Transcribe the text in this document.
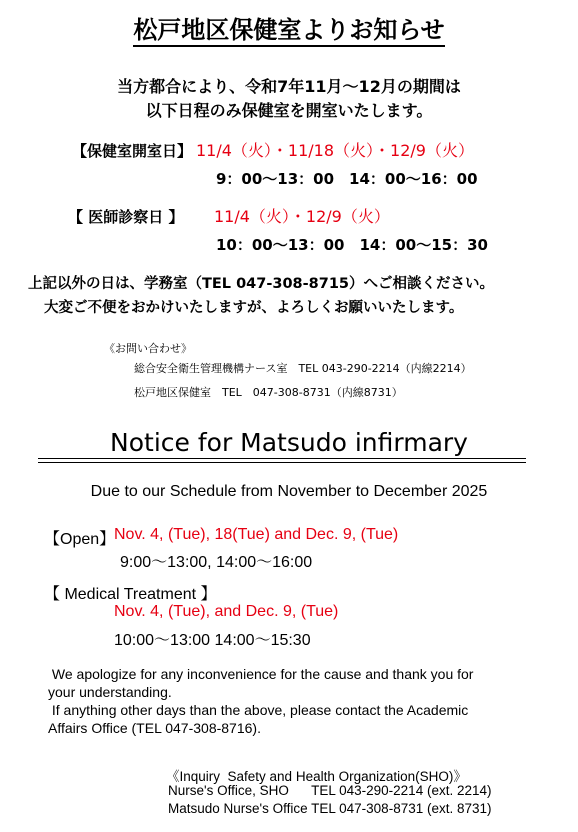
松戸地区保健室よりお知らせ
当方都合により、令和7年11月～12月の期間は
以下日程のみ保健室を開室いたします。
【保健室開室日】 11/4（火）・11/18（火）・12/9（火）
9：00～13：00　14：00～16：00
【 医師診察日 】 11/4（火）・12/9（火）
10：00～13：00　14：00～15：30
上記以外の日は、学務室（TEL 047-308-8715）へご相談ください。
大変ご不便をおかけいたしますが、よろしくお願いいたします。
《お問い合わせ》
総合安全衛生管理機構ナース室　TEL 043-290-2214（内線2214）
松戸地区保健室　TEL　047-308-8731（内線8731）
Notice for Matsudo infirmary
Due to our Schedule from November to December 2025
【Open】
Nov. 4, (Tue), 18(Tue) and Dec. 9, (Tue)
9:00～13:00, 14:00～16:00
【 Medical Treatment 】
Nov. 4, (Tue), and Dec. 9, (Tue)
10:00～13:00 14:00～15:30
We apologize for any inconvenience for the cause and thank you for
your understanding.
If anything other days than the above, please contact the Academic
Affairs Office (TEL 047-308-8716).
《Inquiry  Safety and Health Organization(SHO)》
Nurse's Office, SHO      TEL 043-290-2214 (ext. 2214)
Matsudo Nurse's Office TEL 047-308-8731 (ext. 8731)
